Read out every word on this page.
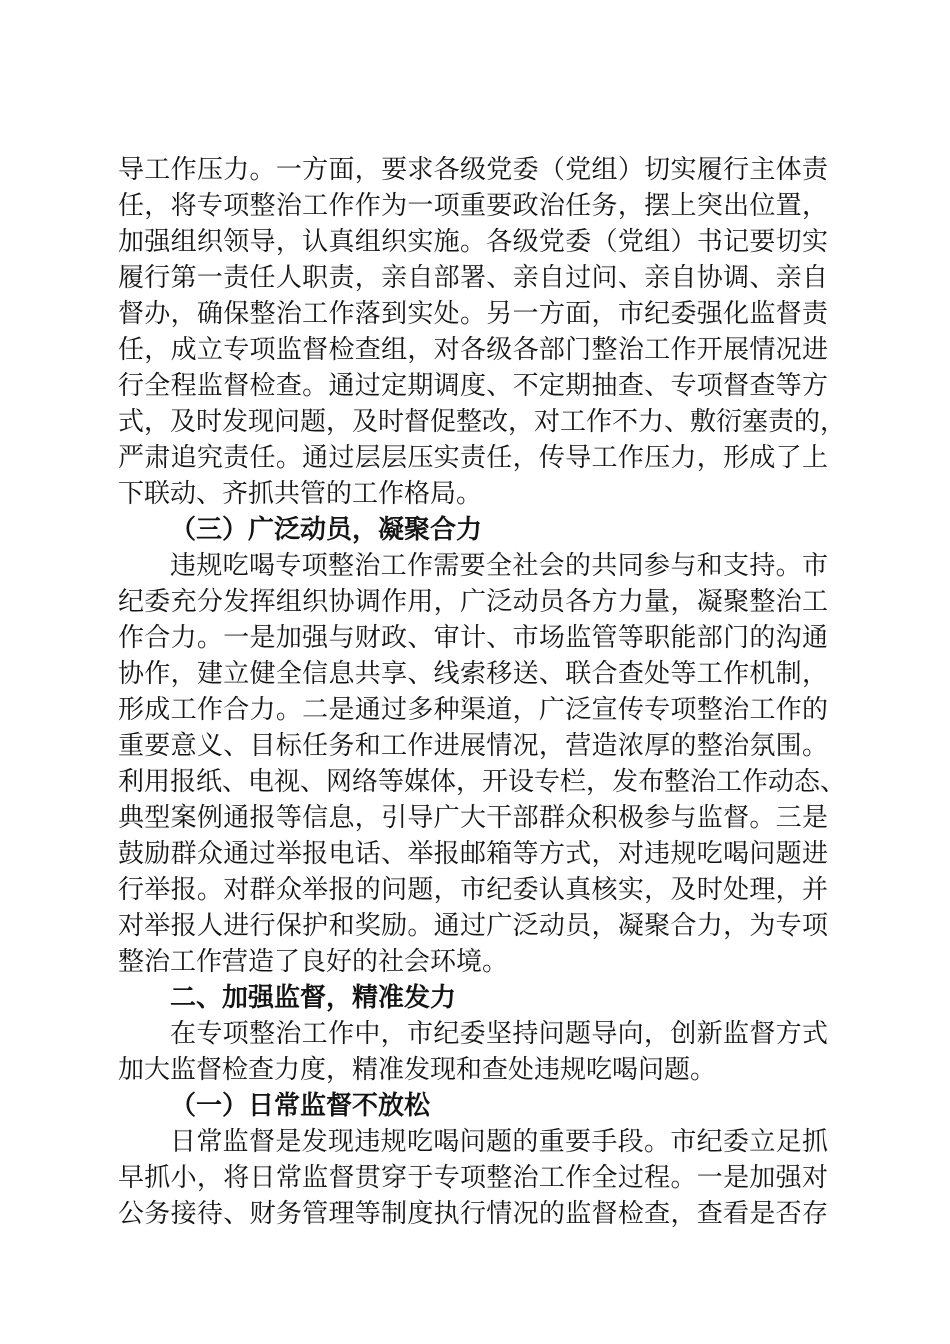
导工作压力。一方面，要求各级党委（党组）切实履行主体责
任，将专项整治工作作为一项重要政治任务，摆上突出位置，
加强组织领导，认真组织实施。各级党委（党组）书记要切实
履行第一责任人职责，亲自部署、亲自过问、亲自协调、亲自
督办，确保整治工作落到实处。另一方面，市纪委强化监督责
任，成立专项监督检查组，对各级各部门整治工作开展情况进
行全程监督检查。通过定期调度、不定期抽查、专项督查等方
式，及时发现问题，及时督促整改，对工作不力、敷衍塞责的，
严肃追究责任。通过层层压实责任，传导工作压力，形成了上
下联动、齐抓共管的工作格局。
（三）广泛动员，凝聚合力
违规吃喝专项整治工作需要全社会的共同参与和支持。市
纪委充分发挥组织协调作用，广泛动员各方力量，凝聚整治工
作合力。一是加强与财政、审计、市场监管等职能部门的沟通
协作，建立健全信息共享、线索移送、联合查处等工作机制，
形成工作合力。二是通过多种渠道，广泛宣传专项整治工作的
重要意义、目标任务和工作进展情况，营造浓厚的整治氛围。
利用报纸、电视、网络等媒体，开设专栏，发布整治工作动态、
典型案例通报等信息，引导广大干部群众积极参与监督。三是
鼓励群众通过举报电话、举报邮箱等方式，对违规吃喝问题进
行举报。对群众举报的问题，市纪委认真核实，及时处理，并
对举报人进行保护和奖励。通过广泛动员，凝聚合力，为专项
整治工作营造了良好的社会环境。
二、加强监督，精准发力
在专项整治工作中，市纪委坚持问题导向，创新监督方式
加大监督检查力度，精准发现和查处违规吃喝问题。
（一）日常监督不放松
日常监督是发现违规吃喝问题的重要手段。市纪委立足抓
早抓小，将日常监督贯穿于专项整治工作全过程。一是加强对
公务接待、财务管理等制度执行情况的监督检查，查看是否存
